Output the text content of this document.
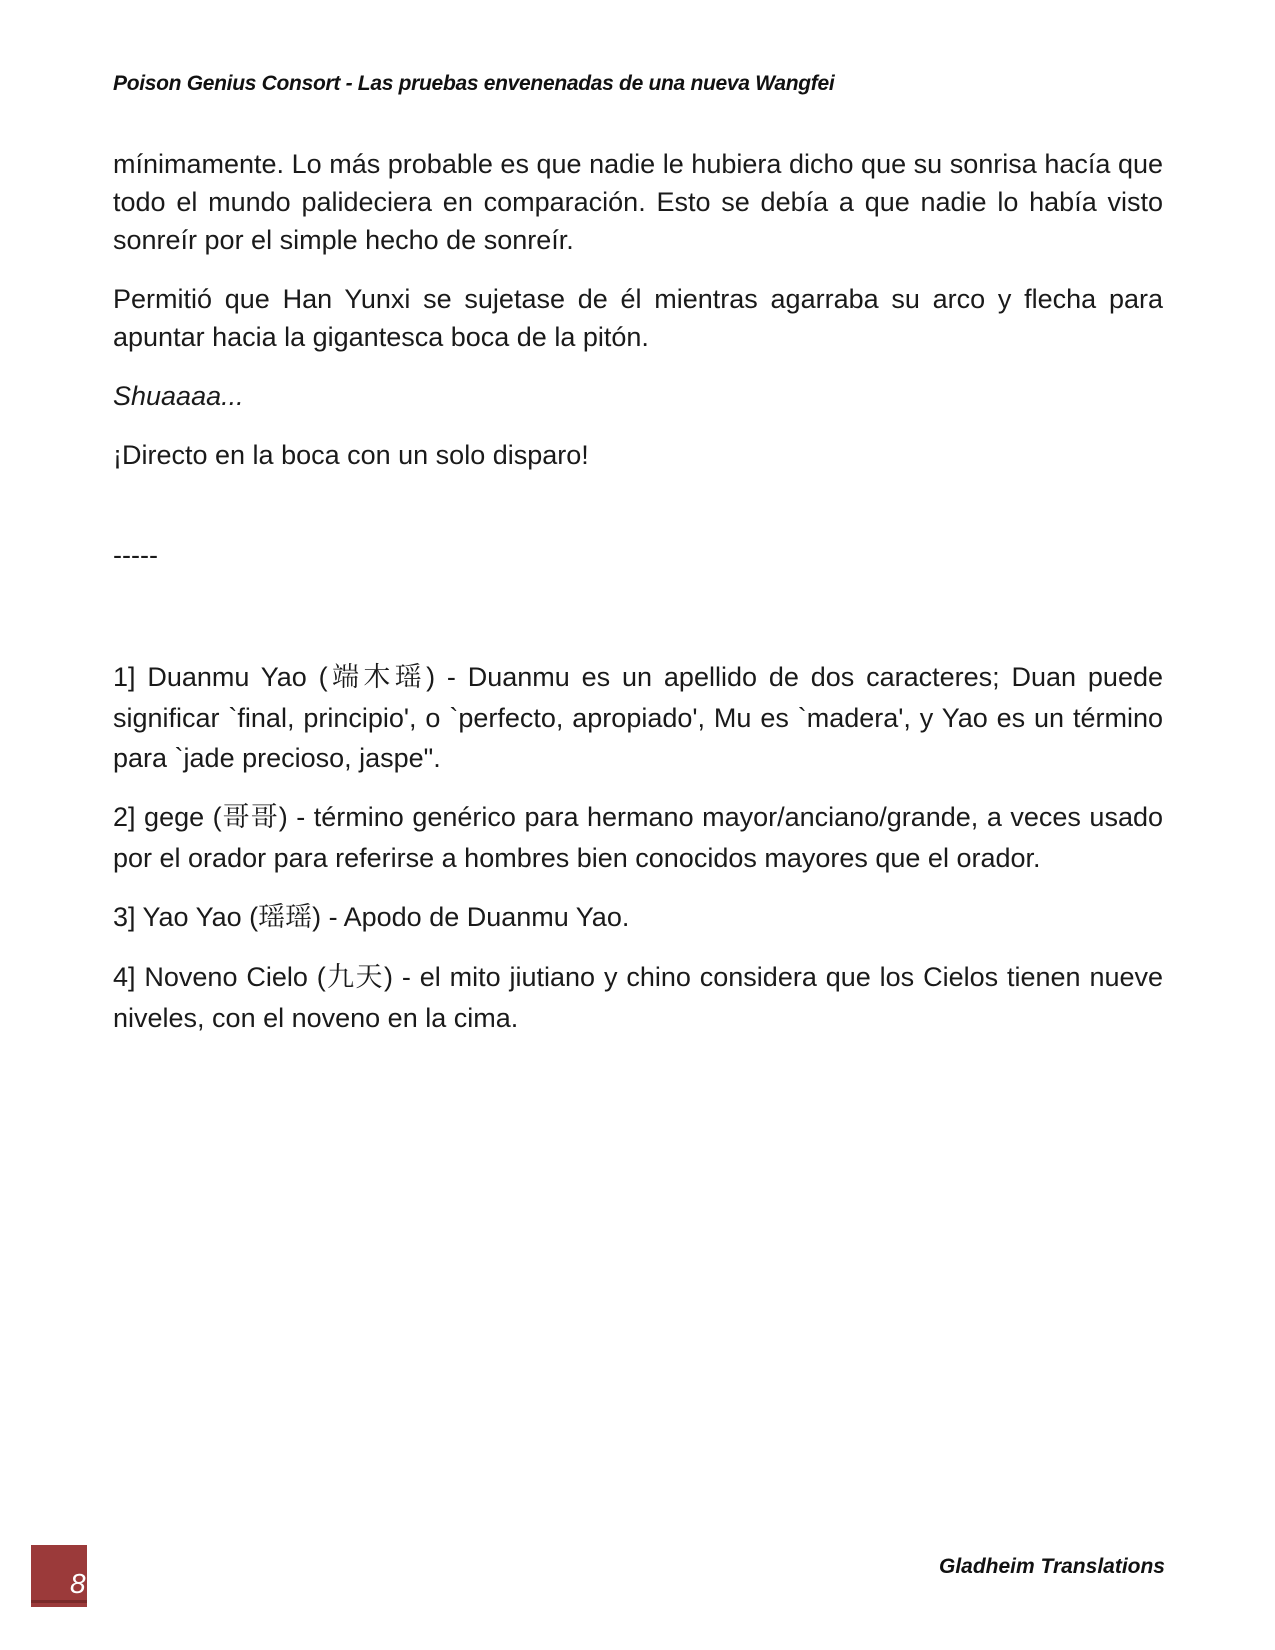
Poison Genius Consort - Las pruebas envenenadas de una nueva Wangfei

mínimamente. Lo más probable es que nadie le hubiera dicho que su sonrisa hacía que todo el mundo palideciera en comparación. Esto se debía a que nadie lo había visto sonreír por el simple hecho de sonreír.

Permitió que Han Yunxi se sujetase de él mientras agarraba su arco y flecha para apuntar hacia la gigantesca boca de la pitón.

Shuaaaa...

¡Directo en la boca con un solo disparo!

-----

1] Duanmu Yao (端木瑶) - Duanmu es un apellido de dos caracteres; Duan puede significar `final, principio', o `perfecto, apropiado', Mu es `madera', y Yao es un término para `jade precioso, jaspe".

2] gege (哥哥) - término genérico para hermano mayor/anciano/grande, a veces usado por el orador para referirse a hombres bien conocidos mayores que el orador.

3] Yao Yao (瑶瑶) - Apodo de Duanmu Yao.

4] Noveno Cielo (九天) - el mito jiutiano y chino considera que los Cielos tienen nueve niveles, con el noveno en la cima.

8
Gladheim Translations
